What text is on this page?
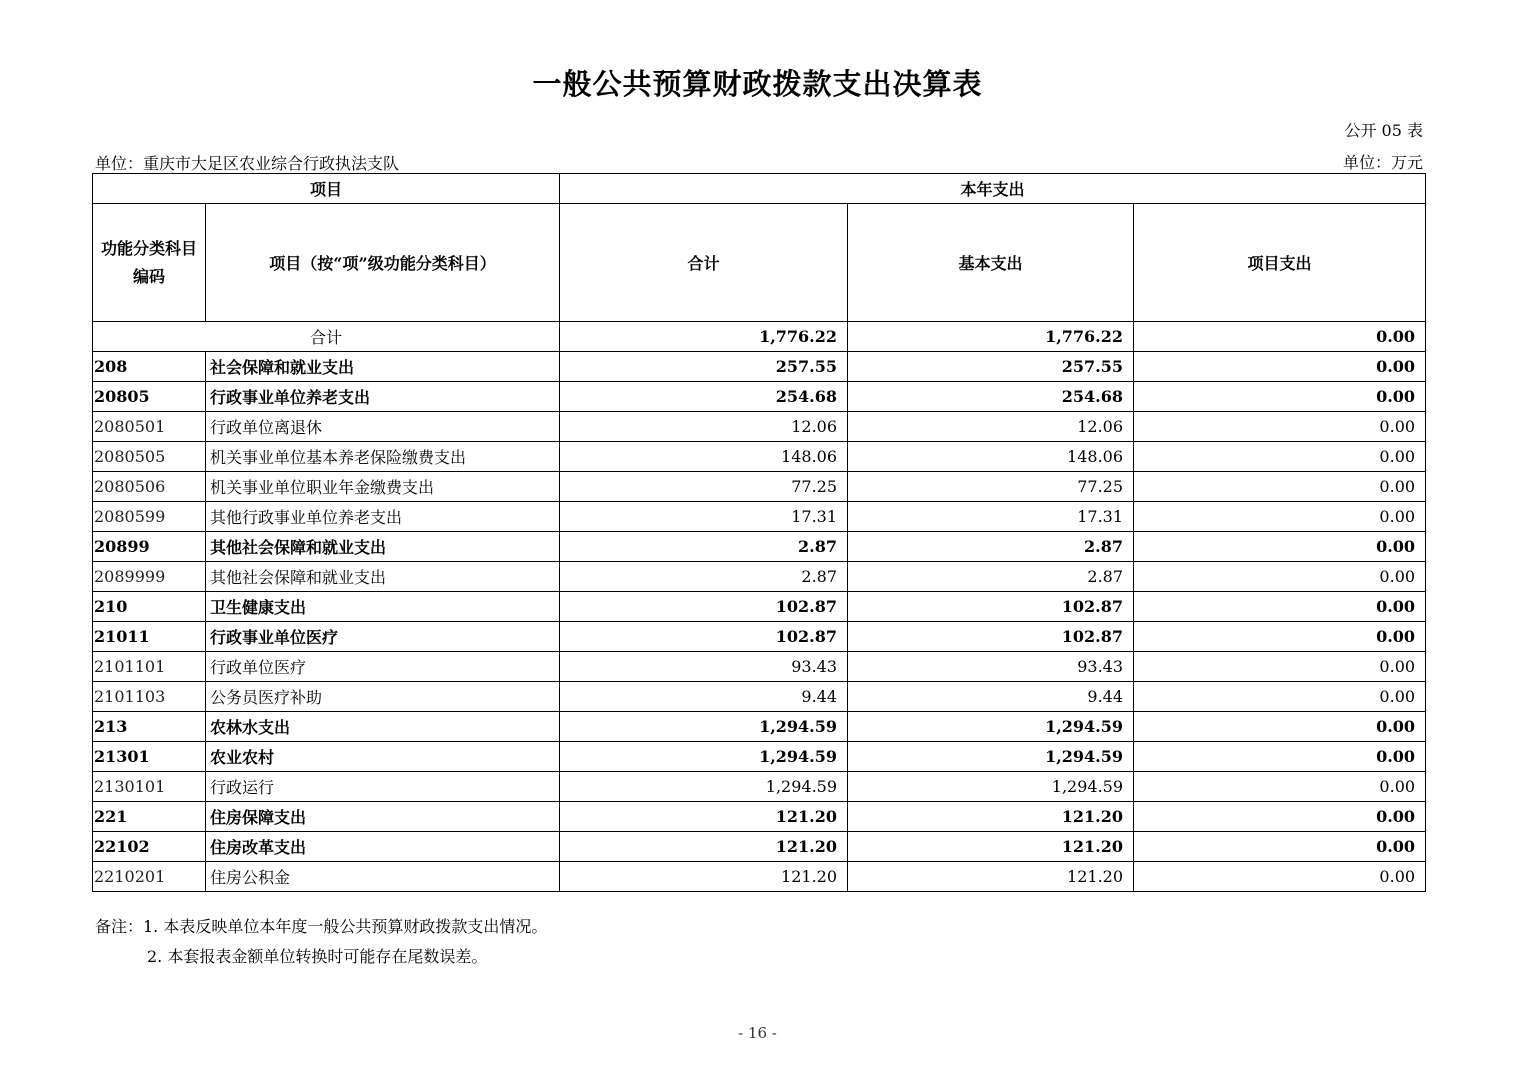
一般公共预算财政拨款支出决算表
公开 05 表
单位：重庆市大足区农业综合行政执法支队	单位：万元
项目		本年支出		
功能分类科目编码	项目（按“项”级功能分类科目）	合计	基本支出	项目支出
合计		1,776.22	1,776.22	0.00
208	社会保障和就业支出	257.55	257.55	0.00
20805	行政事业单位养老支出	254.68	254.68	0.00
2080501	行政单位离退休	12.06	12.06	0.00
2080505	机关事业单位基本养老保险缴费支出	148.06	148.06	0.00
2080506	机关事业单位职业年金缴费支出	77.25	77.25	0.00
2080599	其他行政事业单位养老支出	17.31	17.31	0.00
20899	其他社会保障和就业支出	2.87	2.87	0.00
2089999	其他社会保障和就业支出	2.87	2.87	0.00
210	卫生健康支出	102.87	102.87	0.00
21011	行政事业单位医疗	102.87	102.87	0.00
2101101	行政单位医疗	93.43	93.43	0.00
2101103	公务员医疗补助	9.44	9.44	0.00
213	农林水支出	1,294.59	1,294.59	0.00
21301	农业农村	1,294.59	1,294.59	0.00
2130101	行政运行	1,294.59	1,294.59	0.00
221	住房保障支出	121.20	121.20	0.00
22102	住房改革支出	121.20	121.20	0.00
2210201	住房公积金	121.20	121.20	0.00
备注：1. 本表反映单位本年度一般公共预算财政拨款支出情况。
2. 本套报表金额单位转换时可能存在尾数误差。
- 16 -
